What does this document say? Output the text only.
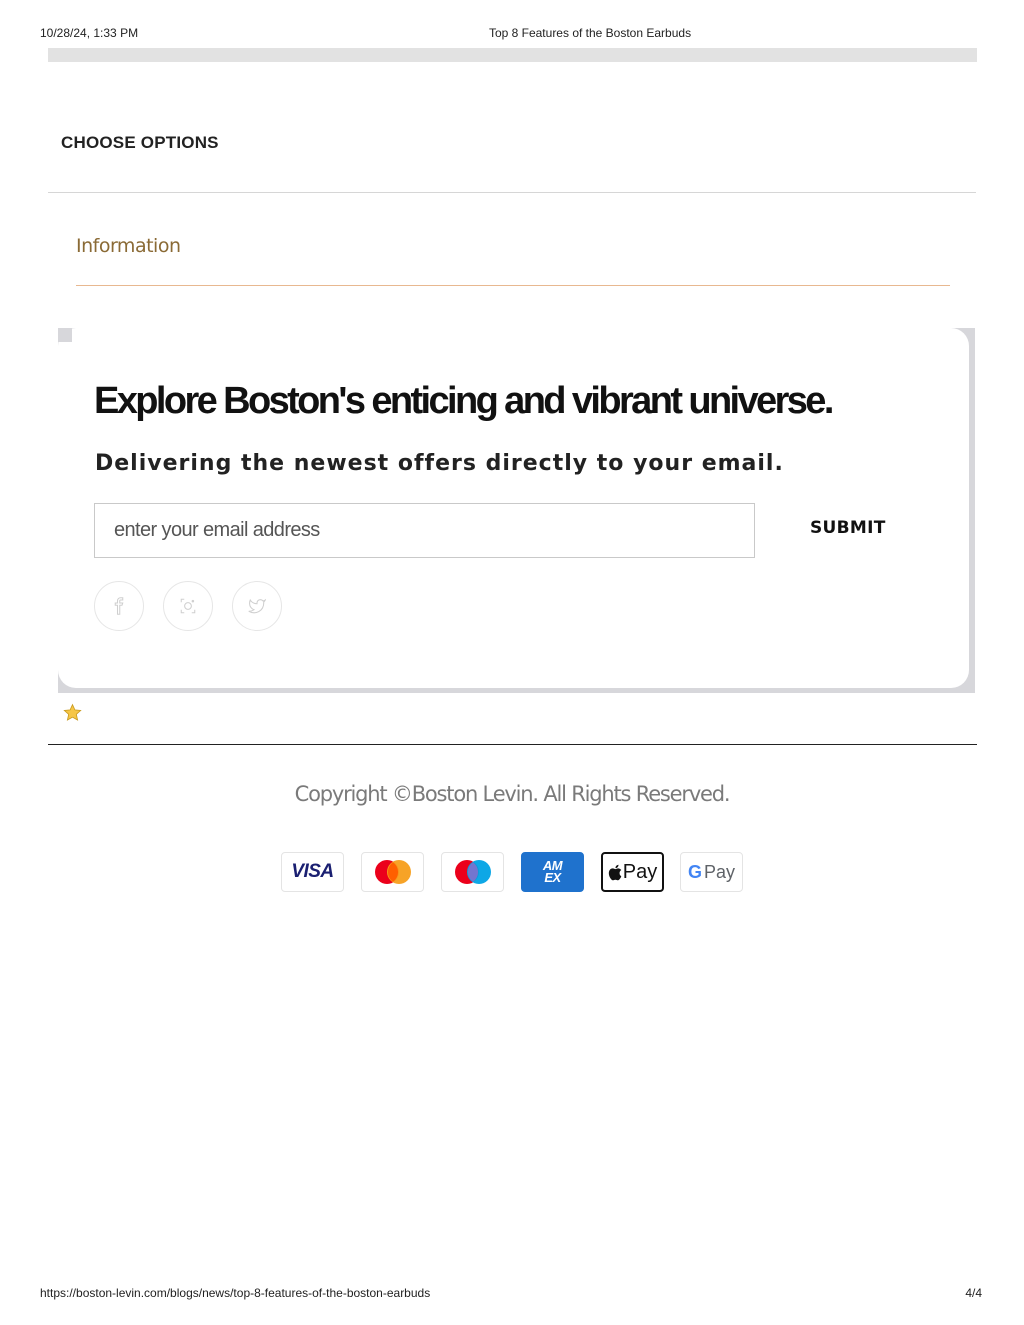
10/28/24, 1:33 PM	Top 8 Features of the Boston Earbuds
CHOOSE OPTIONS
Information
Explore Boston's enticing and vibrant universe.
Delivering the newest offers directly to your email.
enter your email address
SUBMIT
Copyright ©Boston Levin. All Rights Reserved.
VISA	AM
EX	Pay G Pay
https://boston-levin.com/blogs/news/top-8-features-of-the-boston-earbuds	4/4
